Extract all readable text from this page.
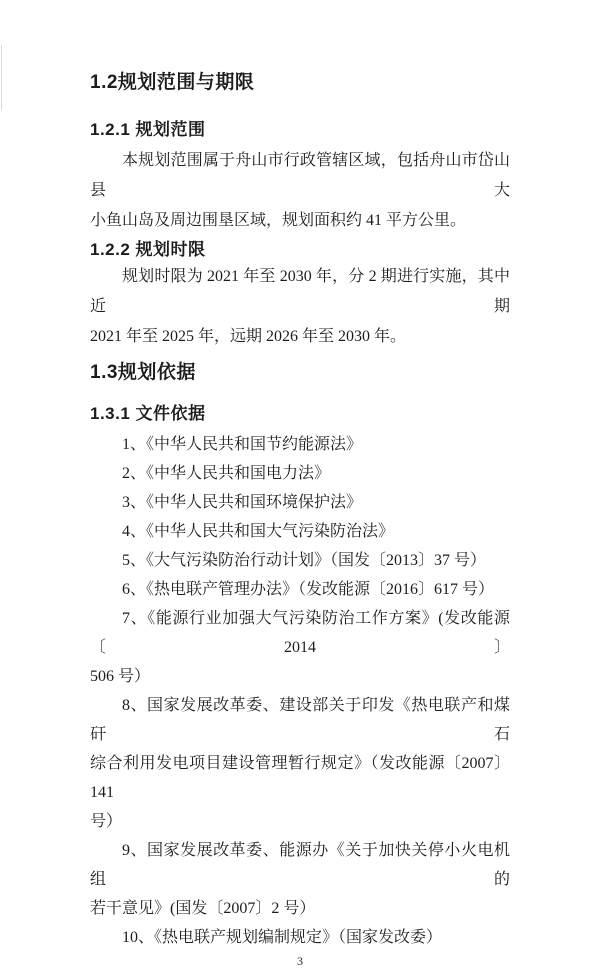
1.2规划范围与期限
1.2.1 规划范围
本规划范围属于舟山市行政管辖区域，包括舟山市岱山县大
小鱼山岛及周边围垦区域，规划面积约 41 平方公里。
1.2.2 规划时限
规划时限为 2021 年至 2030 年，分 2 期进行实施，其中近期
2021 年至 2025 年，远期 2026 年至 2030 年。
1.3规划依据
1.3.1 文件依据
1、《中华人民共和国节约能源法》
2、《中华人民共和国电力法》
3、《中华人民共和国环境保护法》
4、《中华人民共和国大气污染防治法》
5、《大气污染防治行动计划》（国发〔2013〕37 号）
6、《热电联产管理办法》（发改能源〔2016〕617 号）
7、《能源行业加强大气污染防治工作方案》(发改能源〔2014〕
506 号）
8、国家发展改革委、建设部关于印发《热电联产和煤矸石
综合利用发电项目建设管理暂行规定》（发改能源〔2007〕141
号）
9、国家发展改革委、能源办《关于加快关停小火电机组的
若干意见》(国发〔2007〕2 号）
10、《热电联产规划编制规定》（国家发改委）
3
